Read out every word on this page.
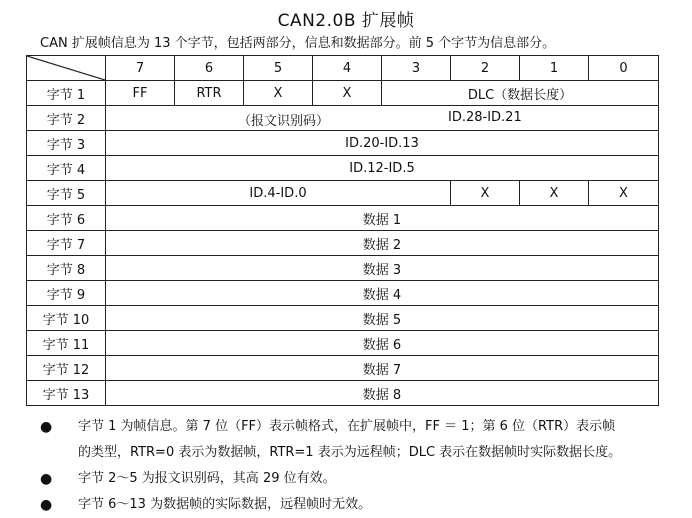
CAN2.0B 扩展帧
CAN 扩展帧信息为 13 个字节，包括两部分，信息和数据部分。前 5 个字节为信息部分。
	7	6	5	4	3	2	1	0
字节 1	FF	RTR	X	X	DLC（数据长度）			
字节 2	（报文识别码） ID.28-ID.21							

字节 3	ID.20-ID.13							
字节 4	ID.12-ID.5							
字节 5	ID.4-ID.0					X	X	X
字节 6	数据 1							
字节 7	数据 2							
字节 8	数据 3							
字节 9	数据 4							
字节 10	数据 5							
字节 11	数据 6							
字节 12	数据 7							
字节 13	数据 8							
● 字节 1 为帧信息。第 7 位（FF）表示帧格式，在扩展帧中，FF ＝ 1；第 6 位（RTR）表示帧
的类型，RTR=0 表示为数据帧，RTR=1 表示为远程帧；DLC 表示在数据帧时实际数据长度。
● 字节 2～5 为报文识别码，其高 29 位有效。
● 字节 6～13 为数据帧的实际数据，远程帧时无效。
